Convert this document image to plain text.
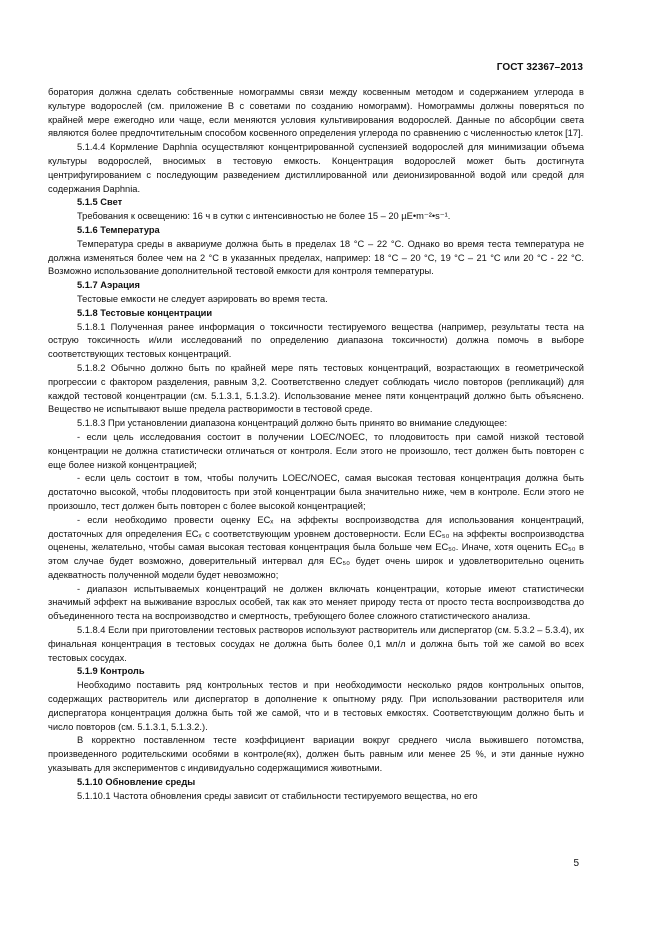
ГОСТ 32367–2013

боратория должна сделать собственные номограммы связи между косвенным методом и содержанием углерода в культуре водорослей (см. приложение В с советами по созданию номограмм). Номограммы должны поверяться по крайней мере ежегодно или чаще, если меняются условия культивирования водорослей. Данные по абсорбции света являются более предпочтительным способом косвенного определения углерода по сравнению с численностью клеток [17].

5.1.4.4 Кормление Daphnia осуществляют концентрированной суспензией водорослей для минимизации объема культуры водорослей, вносимых в тестовую емкость. Концентрация водорослей может быть достигнута центрифугированием с последующим разведением дистиллированной или деионизированной водой или средой для содержания Daphnia.

5.1.5 Свет

Требования к освещению: 16 ч в сутки с интенсивностью не более 15 – 20 µЕ•m⁻²•s⁻¹.

5.1.6 Температура

Температура среды в аквариуме должна быть в пределах 18 °С – 22 °С. Однако во время теста температура не должна изменяться более чем на 2 °С в указанных пределах, например: 18 °С – 20 °С, 19 °С – 21 °С или 20 °С - 22 °С. Возможно использование дополнительной тестовой емкости для контроля температуры.

5.1.7 Аэрация

Тестовые емкости не следует аэрировать во время теста.

5.1.8 Тестовые концентрации

5.1.8.1 Полученная ранее информация о токсичности тестируемого вещества (например, результаты теста на острую токсичность и/или исследований по определению диапазона токсичности) должна помочь в выборе соответствующих тестовых концентраций.

5.1.8.2 Обычно должно быть по крайней мере пять тестовых концентраций, возрастающих в геометрической прогрессии с фактором разделения, равным 3,2. Соответственно следует соблюдать число повторов (репликаций) для каждой тестовой концентрации (см. 5.1.3.1, 5.1.3.2). Использование менее пяти концентраций должно быть объяснено. Вещество не испытывают выше предела растворимости в тестовой среде.

5.1.8.3 При установлении диапазона концентраций должно быть принято во внимание следующее:

- если цель исследования состоит в получении LOEC/NOEC, то плодовитость при самой низкой тестовой концентрации не должна статистически отличаться от контроля. Если этого не произошло, тест должен быть повторен с еще более низкой концентрацией;

- если цель состоит в том, чтобы получить LOEC/NOEC, самая высокая тестовая концентрация должна быть достаточно высокой, чтобы плодовитость при этой концентрации была значительно ниже, чем в контроле. Если этого не произошло, тест должен быть повторен с более высокой концентрацией;

- если необходимо провести оценку ECₓ на эффекты воспроизводства для использования концентраций, достаточных для определения ECₓ с соответствующим уровнем достоверности. Если EC₅₀ на эффекты воспроизводства оценены, желательно, чтобы самая высокая тестовая концентрация была больше чем EC₅₀. Иначе, хотя оценить EC₅₀ в этом случае будет возможно, доверительный интервал для EC₅₀ будет очень широк и удовлетворительно оценить адекватность полученной модели будет невозможно;

- диапазон испытываемых концентраций не должен включать концентрации, которые имеют статистически значимый эффект на выживание взрослых особей, так как это меняет природу теста от просто теста воспроизводства до объединенного теста на воспроизводство и смертность, требующего более сложного статистического анализа.

5.1.8.4 Если при приготовлении тестовых растворов используют растворитель или диспергатор (см. 5.3.2 – 5.3.4), их финальная концентрация в тестовых сосудах не должна быть более 0,1 мл/л и должна быть той же самой во всех тестовых сосудах.

5.1.9 Контроль

Необходимо поставить ряд контрольных тестов и при необходимости несколько рядов контрольных опытов, содержащих растворитель или диспергатор в дополнение к опытному ряду. При использовании растворителя или диспергатора концентрация должна быть той же самой, что и в тестовых емкостях. Соответствующим должно быть и число повторов (см. 5.1.3.1, 5.1.3.2.).

В корректно поставленном тесте коэффициент вариации вокруг среднего числа выжившего потомства, произведенного родительскими особями в контроле(ях), должен быть равным или менее 25 %, и эти данные нужно указывать для экспериментов с индивидуально содержащимися животными.

5.1.10 Обновление среды

5.1.10.1 Частота обновления среды зависит от стабильности тестируемого вещества, но его

5
